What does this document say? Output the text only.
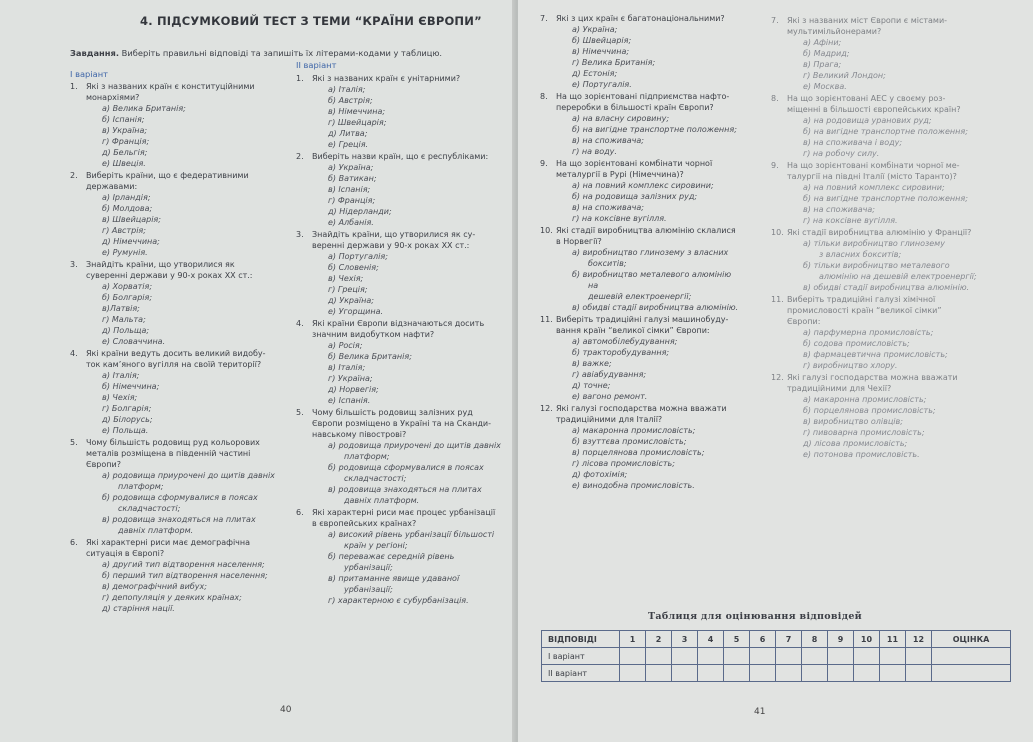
4. ПІДСУМКОВИЙ ТЕСТ З ТЕМИ “КРАЇНИ ЄВРОПИ”
Завдання. Виберіть правильні відповіді та запишіть їх літерами-кодами у таблицю.
І варіант
ІІ варіант
1. Які з названих країн є конституційними
монархіями?
а) Велика Британія;
б) Іспанія;
в) Україна;
г) Франція;
д) Бельгія;
е) Швеція.
2. Виберіть країни, що є федеративними
державами:
а) Ірландія;
б) Молдова;
в) Швейцарія;
г) Австрія;
д) Німеччина;
е) Румунія.
3. Знайдіть країни, що утворилися як
суверенні держави у 90-х роках ХХ ст.:
а) Хорватія;
б) Болгарія;
в)Латвія;
г) Мальта;
д) Польща;
е) Словаччина.
4. Які країни ведуть досить великий видобу-
ток кам’яного вугілля на своїй території?
а) Італія;
б) Німеччина;
в) Чехія;
г) Болгарія;
д) Білорусь;
е) Польща.
5. Чому більшість родовищ руд кольорових
металів розміщена в південній частині
Європи?
а) родовища приурочені до щитів давніх
платформ;
б) родовища сформувалися в поясах
складчастості;
в) родовища знаходяться на плитах
давніх платформ.
6. Які характерні риси має демографічна
ситуація в Європі?
а) другий тип відтворення населення;
б) перший тип відтворення населення;
в) демографічний вибух;
г) депопуляція у деяких країнах;
д) старіння нації.
1. Які з названих країн є унітарними?
а) Італія;
б) Австрія;
в) Німеччина;
г) Швейцарія;
д) Литва;
е) Греція.
2. Виберіть назви країн, що є республіками:
а) Україна;
б) Ватикан;
в) Іспанія;
г) Франція;
д) Нідерланди;
е) Албанія.
3. Знайдіть країни, що утворилися як су-
веренні держави у 90-х роках ХХ ст.:
а) Португалія;
б) Словенія;
в) Чехія;
г) Греція;
д) Україна;
е) Угорщина.
4. Які країни Європи відзначаються досить
значним видобутком нафти?
а) Росія;
б) Велика Британія;
в) Італія;
г) Україна;
д) Норвегія;
е) Іспанія.
5. Чому більшість родовищ залізних руд
Європи розміщено в Україні та на Сканди-
навському півострові?
а) родовища приурочені до щитів давніх
платформ;
б) родовища сформувалися в поясах
складчастості;
в) родовища знаходяться на плитах
давніх платформ.
6. Які характерні риси має процес урбанізації
в європейських країнах?
а) високий рівень урбанізації більшості
країн у регіоні;
б) переважає середній рівень
урбанізації;
в) притаманне явище удаваної
урбанізації;
г) характерною є субурбанізація.
40
7. Які з цих країн є багатонаціональними?
а) Україна;
б) Швейцарія;
в) Німеччина;
г) Велика Британія;
д) Естонія;
е) Португалія.
8. На що зорієнтовані підприємства нафто-
переробки в більшості країн Європи?
а) на власну сировину;
б) на вигідне транспортне положення;
в) на споживача;
г) на воду.
9. На що зорієнтовані комбінати чорної
металургії в Рурі (Німеччина)?
а) на повний комплекс сировини;
б) на родовища залізних руд;
в) на споживача;
г) на коксівне вугілля.
10. Які стадії виробництва алюмінію склалися
в Норвегії?
а) виробництво глинозему з власних
бокситів;
б) виробництво металевого алюмінію
на
дешевій електроенергії;
в) обидві стадії виробництва алюмінію.
11. Виберіть традиційні галузі машинобуду-
вання країн “великої сімки” Європи:
а) автомобілебудування;
б) тракторобудування;
в) важке;
г) авіабудування;
д) точне;
е) вагоно ремонт.
12. Які галузі господарства можна вважати
традиційними для Італії?
а) макаронна промисловість;
б) взуттєва промисловість;
в) порцелянова промисловість;
г) лісова промисловість;
д) фотохімія;
е) винодобна промисловість.
7. Які з названих міст Європи є містами-
мультимільйонерами?
а) Афіни;
б) Мадрид;
в) Прага;
г) Великий Лондон;
е) Москва.
8. На що зорієнтовані АЕС у своєму роз-
міщенні в більшості європейських країн?
а) на родовища уранових руд;
б) на вигідне транспортне положення;
в) на споживача і воду;
г) на робочу силу.
9. На що зорієнтовані комбінати чорної ме-
талургії на півдні Італії (місто Таранто)?
а) на повний комплекс сировини;
б) на вигідне транспортне положення;
в) на споживача;
г) на коксівне вугілля.
10. Які стадії виробництва алюмінію у Франції?
а) тільки виробництво глинозему
з власних бокситів;
б) тільки виробництво металевого
алюмінію на дешевій електроенергії;
в) обидві стадії виробництва алюмінію.
11. Виберіть традиційні галузі хімічної
промисловості країн “великої сімки”
Європи:
а) парфумерна промисловість;
б) содова промисловість;
в) фармацевтична промисловість;
г) виробництво хлору.
12. Які галузі господарства можна вважати
традиційними для Чехії?
а) макаронна промисловість;
б) порцелянова промисловість;
в) виробництво олівців;
г) пивоварна промисловість;
д) лісова промисловість;
е) потонова промисловість.
41
Таблиця для оцінювання відповідей
ВІДПОВІДІ	1	2	3	4	5	6	7	8	9	10	11	12	ОЦІНКА
І варіант													
ІІ варіант													
